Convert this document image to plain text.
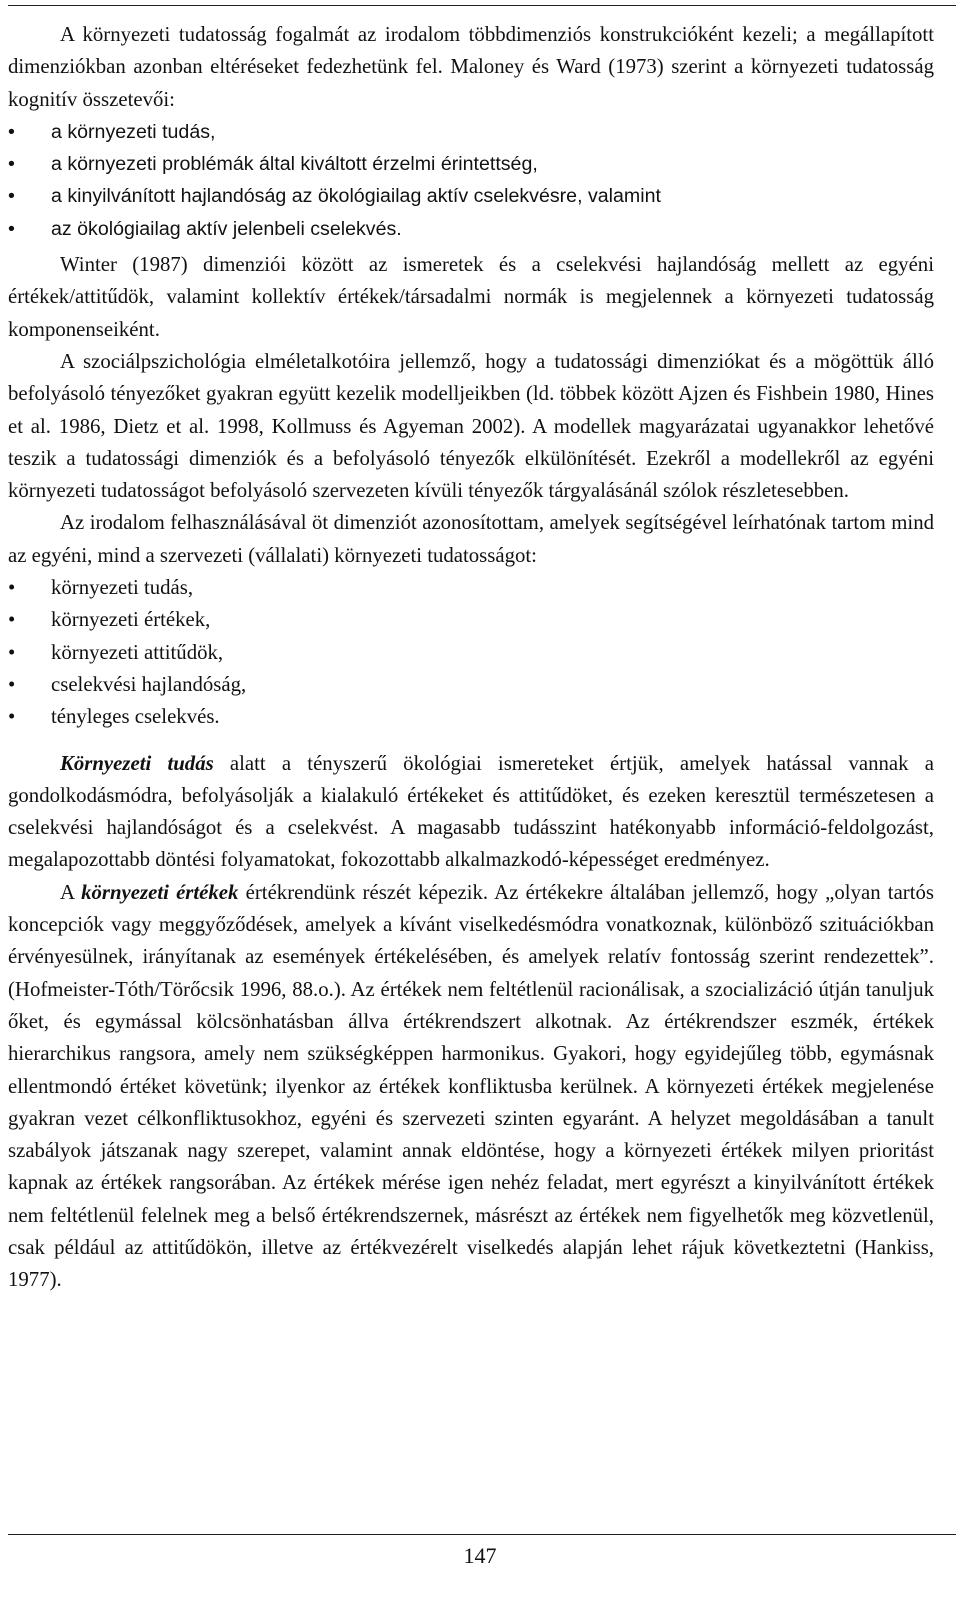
A környezeti tudatosság fogalmát az irodalom többdimenziós konstrukcióként kezeli; a megállapított dimenziókban azonban eltéréseket fedezhetünk fel. Maloney és Ward (1973) szerint a környezeti tudatosság kognitív összetevői:

•	a környezeti tudás,
•	a környezeti problémák által kiváltott érzelmi érintettség,
•	a kinyilvánított hajlandóság az ökológiailag aktív cselekvésre, valamint
•	az ökológiailag aktív jelenbeli cselekvés.

Winter (1987) dimenziói között az ismeretek és a cselekvési hajlandóság mellett az egyéni értékek/attitűdök, valamint kollektív értékek/társadalmi normák is megjelennek a környezeti tudatosság komponenseiként.

A szociálpszichológia elméletalkotóira jellemző, hogy a tudatossági dimenziókat és a mögöttük álló befolyásoló tényezőket gyakran együtt kezelik modelljeikben (ld. többek között Ajzen és Fishbein 1980, Hines et al. 1986, Dietz et al. 1998, Kollmuss és Agyeman 2002). A modellek magyarázatai ugyanakkor lehetővé teszik a tudatossági dimenziók és a befolyásoló tényezők elkülönítését. Ezekről a modellekről az egyéni környezeti tudatosságot befolyásoló szervezeten kívüli tényezők tárgyalásánál szólok részletesebben.

Az irodalom felhasználásával öt dimenziót azonosítottam, amelyek segítségével leírhatónak tartom mind az egyéni, mind a szervezeti (vállalati) környezeti tudatosságot:

•	környezeti tudás,
•	környezeti értékek,
•	környezeti attitűdök,
•	cselekvési hajlandóság,
•	tényleges cselekvés.

Környezeti tudás alatt a tényszerű ökológiai ismereteket értjük, amelyek hatással vannak a gondolkodásmódra, befolyásolják a kialakuló értékeket és attitűdöket, és ezeken keresztül természetesen a cselekvési hajlandóságot és a cselekvést. A magasabb tudásszint hatékonyabb információ-feldolgozást, megalapozottabb döntési folyamatokat, fokozottabb alkalmazkodó-képességet eredményez.

A környezeti értékek értékrendünk részét képezik. Az értékekre általában jellemző, hogy „olyan tartós koncepciók vagy meggyőződések, amelyek a kívánt viselkedésmódra vonatkoznak, különböző szituációkban érvényesülnek, irányítanak az események értékelésében, és amelyek relatív fontosság szerint rendezettek”. (Hofmeister-Tóth/Törőcsik 1996, 88.o.). Az értékek nem feltétlenül racionálisak, a szocializáció útján tanuljuk őket, és egymással kölcsönhatásban állva értékrendszert alkotnak. Az értékrendszer eszmék, értékek hierarchikus rangsora, amely nem szükségképpen harmonikus. Gyakori, hogy egyidejűleg több, egymásnak ellentmondó értéket követünk; ilyenkor az értékek konfliktusba kerülnek. A környezeti értékek megjelenése gyakran vezet célkonfliktusokhoz, egyéni és szervezeti szinten egyaránt. A helyzet megoldásában a tanult szabályok játszanak nagy szerepet, valamint annak eldöntése, hogy a környezeti értékek milyen prioritást kapnak az értékek rangsorában. Az értékek mérése igen nehéz feladat, mert egyrészt a kinyilvánított értékek nem feltétlenül felelnek meg a belső értékrendszernek, másrészt az értékek nem figyelhetők meg közvetlenül, csak például az attitűdökön, illetve az értékvezérelt viselkedés alapján lehet rájuk következtetni (Hankiss, 1977).

147
